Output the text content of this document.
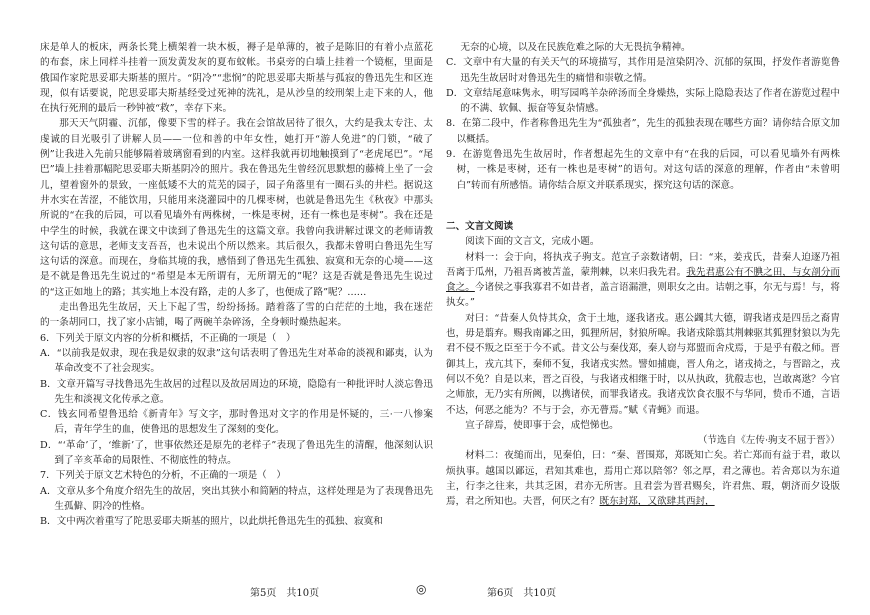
床是单人的板床，两条长凳上横架着一块木板，褥子是单薄的，被子是陈旧的有着小点蓝花的布套，床上同样斗挂着一顶发黄发灰的夏布蚊帐。书桌旁的白墙上挂着一个镜框，里面是俄国作家陀思妥耶夫斯基的照片。“阴冷”“悲悯”的陀思妥耶夫斯基与孤寂的鲁迅先生和区连现，似有话要说，陀思妥耶夫斯基经受过死神的洗礼，是从沙皇的绞刑架上走下来的人，他在执行死刑的最后一秒钟被“救”，幸存下来。

那天天气阴霾、沉郁，像要下雪的样子。我在会馆故居待了很久，大约是我太专注、太虔诚的目光吸引了讲解人员——一位和善的中年女性，她打开“游人免进”的门锁，“破了例”让我进入先前只能够隔着玻璃窗看到的内室。这样我就再切地触摸到了“老虎尾巴”。“尾巴”墙上挂着那幅陀思妥耶夫斯基阴冷的照片。我在鲁迅先生曾经沉思默想的藤椅上坐了一会儿，望着窗外的景致，一座低矮不大的荒芜的园子，园子角落里有一圈石头的井栏。据说这井水实在苦涩，不能饮用，只能用来浇灌园中的几棵枣树，也就是鲁迅先生《秋夜》中那头所说的“在我的后园，可以看见墙外有两株树，一株是枣树，还有一株也是枣树”。我在还是中学生的时候，我就在课文中读到了鲁迅先生的这篇文章。我曾向我讲解过课文的老师请教这句话的意思，老师支支吾吾，也未说出个所以然来。其后很久，我都未曾明白鲁迅先生写这句话的深意。而现在，身临其境的我，感悟到了鲁迅先生孤独、寂寞和无奈的心境——这是不就是鲁迅先生说过的“希望是本无所谓有，无所谓无的”呢？这是否就是鲁迅先生说过的“这正如地上的路；其实地上本没有路，走的人多了，也便成了路”呢？……

走出鲁迅先生故居，天上下起了雪，纷纷扬扬。踏着落了雪的白茫茫的土地，我在迷茫的一条胡同口，找了家小店铺，喝了两碗羊杂碎汤，全身顿时燥热起来。

6．下列关于原文内容的分析和概括，不正确的一项是（　）

A．“以前我是奴隶，现在我是奴隶的奴隶”这句话表明了鲁迅先生对革命的淡视和鄙夷，认为革命改变不了社会现实。

B．文章开篇写寻找鲁迅先生故居的过程以及故居周边的环境，隐隐有一种批评时人淡忘鲁迅先生和淡视文化传承之意。

C．钱玄同希望鲁迅给《新青年》写文字，那时鲁迅对文字的作用是怀疑的，三·一八惨案后，青年学生的血，使鲁迅的思想发生了深刻的变化。

D．“‘革命’了，‘维新’了，世事依然还是原先的老样子”表现了鲁迅先生的清醒，他深刻认识到了辛亥革命的局限性、不彻底性的特点。

7．下列关于原文艺术特色的分析，不正确的一项是（　）

A．文章从多个角度介绍先生的故居，突出其狭小和简陋的特点，这样处理是为了表现鲁迅先生孤僻、阴冷的性格。

B．文中两次着重写了陀思妥耶夫斯基的照片，以此烘托鲁迅先生的孤独、寂寞和

无奈的心境，以及在民族危难之际的大无畏抗争精神。

C．文章中有大量的有关天气的环境描写，其作用是渲染阴冷、沉郁的氛围，抒发作者游览鲁迅先生故居时对鲁迅先生的痛惜和崇敬之情。

D．文章结尾意味隽永，明写园鸣羊杂碎汤而全身燥热，实际上隐隐表达了作者在游览过程中的不满、软佩、振奋等复杂情感。

8．在第二段中，作者称鲁迅先生为“孤独者”，先生的孤独表现在哪些方面？请你结合原文加以概括。

9．在游览鲁迅先生故居时，作者想起先生的文章中有“在我的后园，可以看见墙外有两株树，一株是枣树，还有一株也是枣树”的语句。对这句话的深意的理解，作者由“未曾明白”转而有所感悟。请你结合原文并联系现实，探究这句话的深意。

二、文言文阅读

阅读下面的文言文，完成小题。

材料一：会于向，将执戎子驹支。范宣子亲数诸朝，曰：“来，姜戎氏，昔秦人迫逐乃祖吾离于瓜州，乃祖吾离被苫盖，蒙荆棘，以来归我先君。我先君惠公有不腆之田，与女剖分而食之。今诸侯之事我寡君不如昔者，盖言语漏泄，则职女之由。诘朝之事，尔无与焉！与，将执女。”

对曰：“昔秦人负恃其众，贪于土地，逐我诸戎。惠公蠲其大德，谓我诸戎是四岳之裔胄也，毋是翦弃。赐我南鄙之田，狐狸所居，豺狼所嗥。我诸戎除翦其荆棘驱其狐狸豺狼以为先君不侵不叛之臣至于今不贰。昔文公与秦伐郑，秦人窃与郑盟而舍戍焉，于是乎有殽之师。晋御其上，戎亢其下，秦师不复，我诸戎实然。譬如捕鹿，晋人角之，诸戎掎之，与晋踣之，戎何以不免？自是以来，晋之百役，与我诸戎相继于时，以从执政，犹殽志也，岂敢离逖？今官之师旅，无乃实有所阙，以携诸侯，而罪我诸戎。我诸戎饮食衣服不与华同，贽币不通，言语不达，何恶之能为？不与于会，亦无瞢焉。”赋《青蝇》而退。

宣子辞焉，使即事于会，成恺悌也。

（节选自《左传·驹支不屈于晋》）

材料二：夜缒而出，见秦伯，曰：“秦、晋围郑，郑既知亡矣。若亡郑而有益于君，敢以烦执事。越国以鄙远，君知其难也，焉用亡郑以陪邻？邻之厚，君之薄也。若舍郑以为东道主，行李之往来，共其乏困，君亦无所害。且君尝为晋君赐矣，许君焦、瑕，朝济而夕设版焉，君之所知也。夫晋，何厌之有？既东封郑，又欲肆其西封，

第5页　共10页	◎	第6页　共10页
